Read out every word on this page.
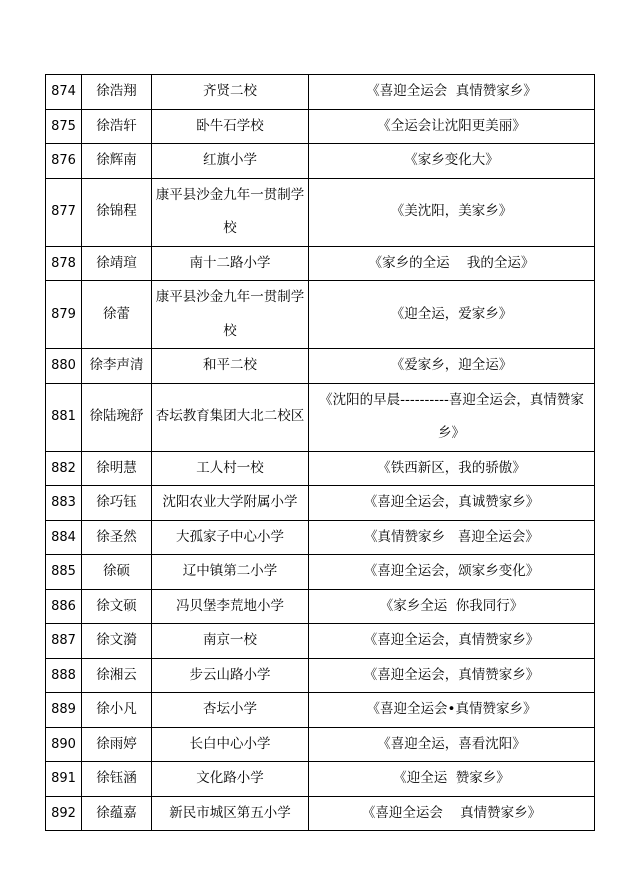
874	徐浩翔	齐贤二校	《喜迎全运会  真情赞家乡》
875	徐浩轩	卧牛石学校	《全运会让沈阳更美丽》
876	徐辉南	红旗小学	《家乡变化大》
877	徐锦程	康平县沙金九年一贯制学校	《美沈阳，美家乡》
878	徐靖瑄	南十二路小学	《家乡的全运    我的全运》
879	徐蕾	康平县沙金九年一贯制学校	《迎全运，爱家乡》
880	徐李声清	和平二校	《爱家乡，迎全运》
881	徐陆琬舒	杏坛教育集团大北二校区	《沈阳的早晨----------喜迎全运会，真情赞家乡》
882	徐明慧	工人村一校	《铁西新区，我的骄傲》
883	徐巧钰	沈阳农业大学附属小学	《喜迎全运会，真诚赞家乡》
884	徐圣然	大孤家子中心小学	《真情赞家乡   喜迎全运会》
885	徐硕	辽中镇第二小学	《喜迎全运会，颂家乡变化》
886	徐文硕	冯贝堡李荒地小学	《家乡全运  你我同行》
887	徐文漪	南京一校	《喜迎全运会，真情赞家乡》
888	徐湘云	步云山路小学	《喜迎全运会，真情赞家乡》
889	徐小凡	杏坛小学	《喜迎全运会•真情赞家乡》
890	徐雨婷	长白中心小学	《喜迎全运，喜看沈阳》
891	徐钰涵	文化路小学	《迎全运  赞家乡》
892	徐蕴嘉	新民市城区第五小学	《喜迎全运会    真情赞家乡》
